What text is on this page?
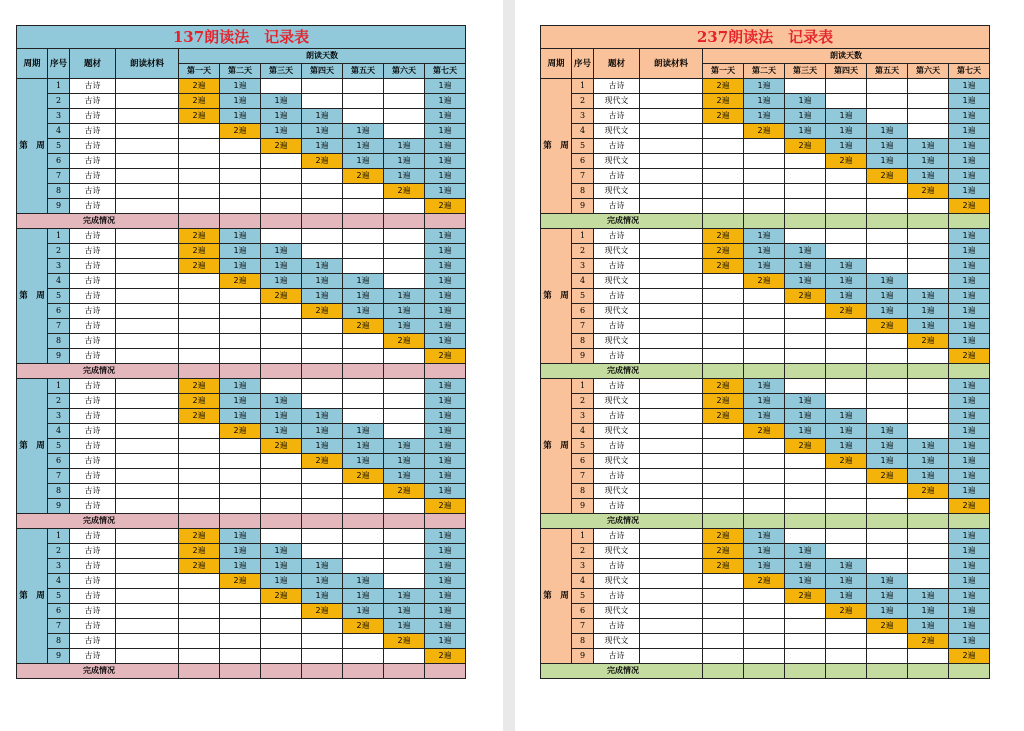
137朗读法　记录表										
周期	序号	题材	朗读材料	朗读天数						
				第一天	第二天	第三天	第四天	第五天	第六天	第七天
第　周	1	古诗		2遍	1遍					1遍
	2	古诗		2遍	1遍	1遍				1遍
	3	古诗		2遍	1遍	1遍	1遍			1遍
	4	古诗			2遍	1遍	1遍	1遍		1遍
	5	古诗				2遍	1遍	1遍	1遍	1遍
	6	古诗					2遍	1遍	1遍	1遍
	7	古诗						2遍	1遍	1遍
	8	古诗							2遍	1遍
	9	古诗								2遍
完成情况										
第　周	1	古诗		2遍	1遍					1遍
	2	古诗		2遍	1遍	1遍				1遍
	3	古诗		2遍	1遍	1遍	1遍			1遍
	4	古诗			2遍	1遍	1遍	1遍		1遍
	5	古诗				2遍	1遍	1遍	1遍	1遍
	6	古诗					2遍	1遍	1遍	1遍
	7	古诗						2遍	1遍	1遍
	8	古诗							2遍	1遍
	9	古诗								2遍
完成情况										
第　周	1	古诗		2遍	1遍					1遍
	2	古诗		2遍	1遍	1遍				1遍
	3	古诗		2遍	1遍	1遍	1遍			1遍
	4	古诗			2遍	1遍	1遍	1遍		1遍
	5	古诗				2遍	1遍	1遍	1遍	1遍
	6	古诗					2遍	1遍	1遍	1遍
	7	古诗						2遍	1遍	1遍
	8	古诗							2遍	1遍
	9	古诗								2遍
完成情况										
第　周	1	古诗		2遍	1遍					1遍
	2	古诗		2遍	1遍	1遍				1遍
	3	古诗		2遍	1遍	1遍	1遍			1遍
	4	古诗			2遍	1遍	1遍	1遍		1遍
	5	古诗				2遍	1遍	1遍	1遍	1遍
	6	古诗					2遍	1遍	1遍	1遍
	7	古诗						2遍	1遍	1遍
	8	古诗							2遍	1遍
	9	古诗								2遍
完成情况										
237朗读法　记录表										
周期	序号	题材	朗读材料	朗读天数						
				第一天	第二天	第三天	第四天	第五天	第六天	第七天
第　周	1	古诗		2遍	1遍					1遍
	2	现代文		2遍	1遍	1遍				1遍
	3	古诗		2遍	1遍	1遍	1遍			1遍
	4	现代文			2遍	1遍	1遍	1遍		1遍
	5	古诗				2遍	1遍	1遍	1遍	1遍
	6	现代文					2遍	1遍	1遍	1遍
	7	古诗						2遍	1遍	1遍
	8	现代文							2遍	1遍
	9	古诗								2遍
完成情况										
第　周	1	古诗		2遍	1遍					1遍
	2	现代文		2遍	1遍	1遍				1遍
	3	古诗		2遍	1遍	1遍	1遍			1遍
	4	现代文			2遍	1遍	1遍	1遍		1遍
	5	古诗				2遍	1遍	1遍	1遍	1遍
	6	现代文					2遍	1遍	1遍	1遍
	7	古诗						2遍	1遍	1遍
	8	现代文							2遍	1遍
	9	古诗								2遍
完成情况										
第　周	1	古诗		2遍	1遍					1遍
	2	现代文		2遍	1遍	1遍				1遍
	3	古诗		2遍	1遍	1遍	1遍			1遍
	4	现代文			2遍	1遍	1遍	1遍		1遍
	5	古诗				2遍	1遍	1遍	1遍	1遍
	6	现代文					2遍	1遍	1遍	1遍
	7	古诗						2遍	1遍	1遍
	8	现代文							2遍	1遍
	9	古诗								2遍
完成情况										
第　周	1	古诗		2遍	1遍					1遍
	2	现代文		2遍	1遍	1遍				1遍
	3	古诗		2遍	1遍	1遍	1遍			1遍
	4	现代文			2遍	1遍	1遍	1遍		1遍
	5	古诗				2遍	1遍	1遍	1遍	1遍
	6	现代文					2遍	1遍	1遍	1遍
	7	古诗						2遍	1遍	1遍
	8	现代文							2遍	1遍
	9	古诗								2遍
完成情况										
